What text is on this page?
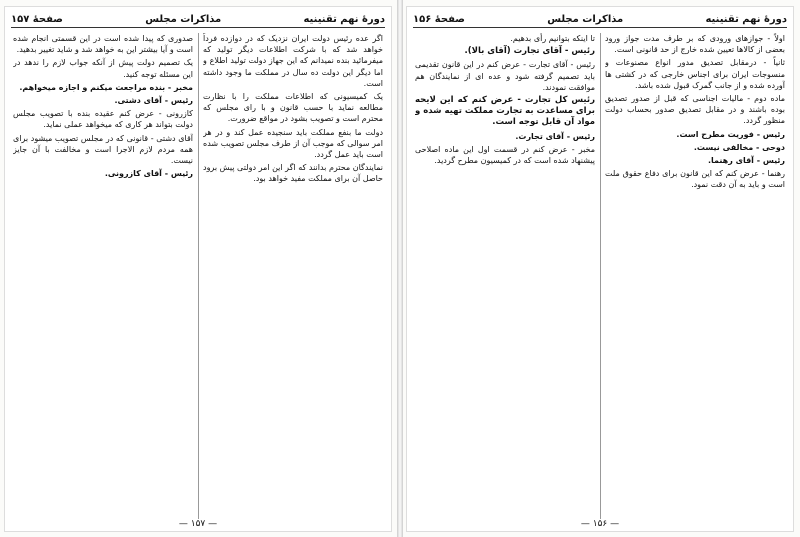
دورهٔ نهم تقنینیه
مذاکرات مجلس
صفحهٔ ۱۵۷

اگر عده رئیس دولت ایران نزدیک که در دوازده فرداً خواهد شد که با شرکت اطلاعات دیگر تولید که میفرمائید بنده نمیدانم که این جهاز دولت تولید اطلاع و اما دیگر این دولت ده سال در مملکت ما وجود داشته است.

یک کمیسیونی که اطلاعات مملکت را با نظارت مطالعه نماید با حسب قانون و با رای مجلس که محترم است و تصویب بشود در مواقع ضرورت.

دولت ما بنفع مملکت باید سنجیده عمل کند و در هر امر سوالی که موجب آن از طرف مجلس تصویب شده است باید عمل گردد.

نمایندگان محترم بدانند که اگر این امر دولتی پیش برود حاصل آن برای مملکت مفید خواهد بود.

صدوری که پیدا شده است در این قسمتی انجام شده است و آیا بیشتر این به خواهد شد و شاید تغییر بدهید.

یک تصمیم دولت پیش از آنکه جواب لازم را ندهد در این مسئله توجه کنید.

مخبر - بنده مراجعت میکنم و اجازه میخواهم.

رئیس - آقای دشتی.

کازرونی - عرض کنم عقیده بنده با تصویب مجلس دولت بتواند هر کاری که میخواهد عملی نماید.

آقای دشتی - قانونی که در مجلس تصویب میشود برای همه مردم لازم الاجرا است و مخالفت با آن جایز نیست.

رئیس - آقای کازرونی.

— ۱۵۷ —
دورهٔ نهم تقنینیه
مذاکرات مجلس
صفحهٔ ۱۵۶

اولاً - جوازهای ورودی که بر طرف مدت جواز ورود بعضی از کالاها تعیین شده خارج از حد قانونی است.

ثانیاً - درمقابل تصدیق مدور انواع مصنوعات و منسوجات ایران برای اجناس خارجی که در کشتی ها آورده شده و از جانب گمرک قبول شده باشد.

ماده دوم - مالیات اجناسی که قبل از صدور تصدیق بوده باشند و در مقابل تصدیق صدور بحساب دولت منظور گردد.

رئیس - فوریت مطرح است.

دوحی - مخالفی نیست.

رئیس - آقای رهنما.

رهنما - عرض کنم که این قانون برای دفاع حقوق ملت است و باید به آن دقت نمود.

تا اینکه بتوانیم رأی بدهیم.

رئیس - آقای تجارت (آقای بالا).

رئیس - آقای تجارت - عرض کنم در این قانون تقدیمی باید تصمیم گرفته شود و عده ای از نمایندگان هم موافقت نمودند.

رئیس کل تجارت - عرض کنم که این لایحه برای مساعدت به تجارت مملکت تهیه شده و مواد آن قابل توجه است.

رئیس - آقای تجارت.

مخبر - عرض کنم در قسمت اول این ماده اصلاحی پیشنهاد شده است که در کمیسیون مطرح گردید.

— ۱۵۶ —
